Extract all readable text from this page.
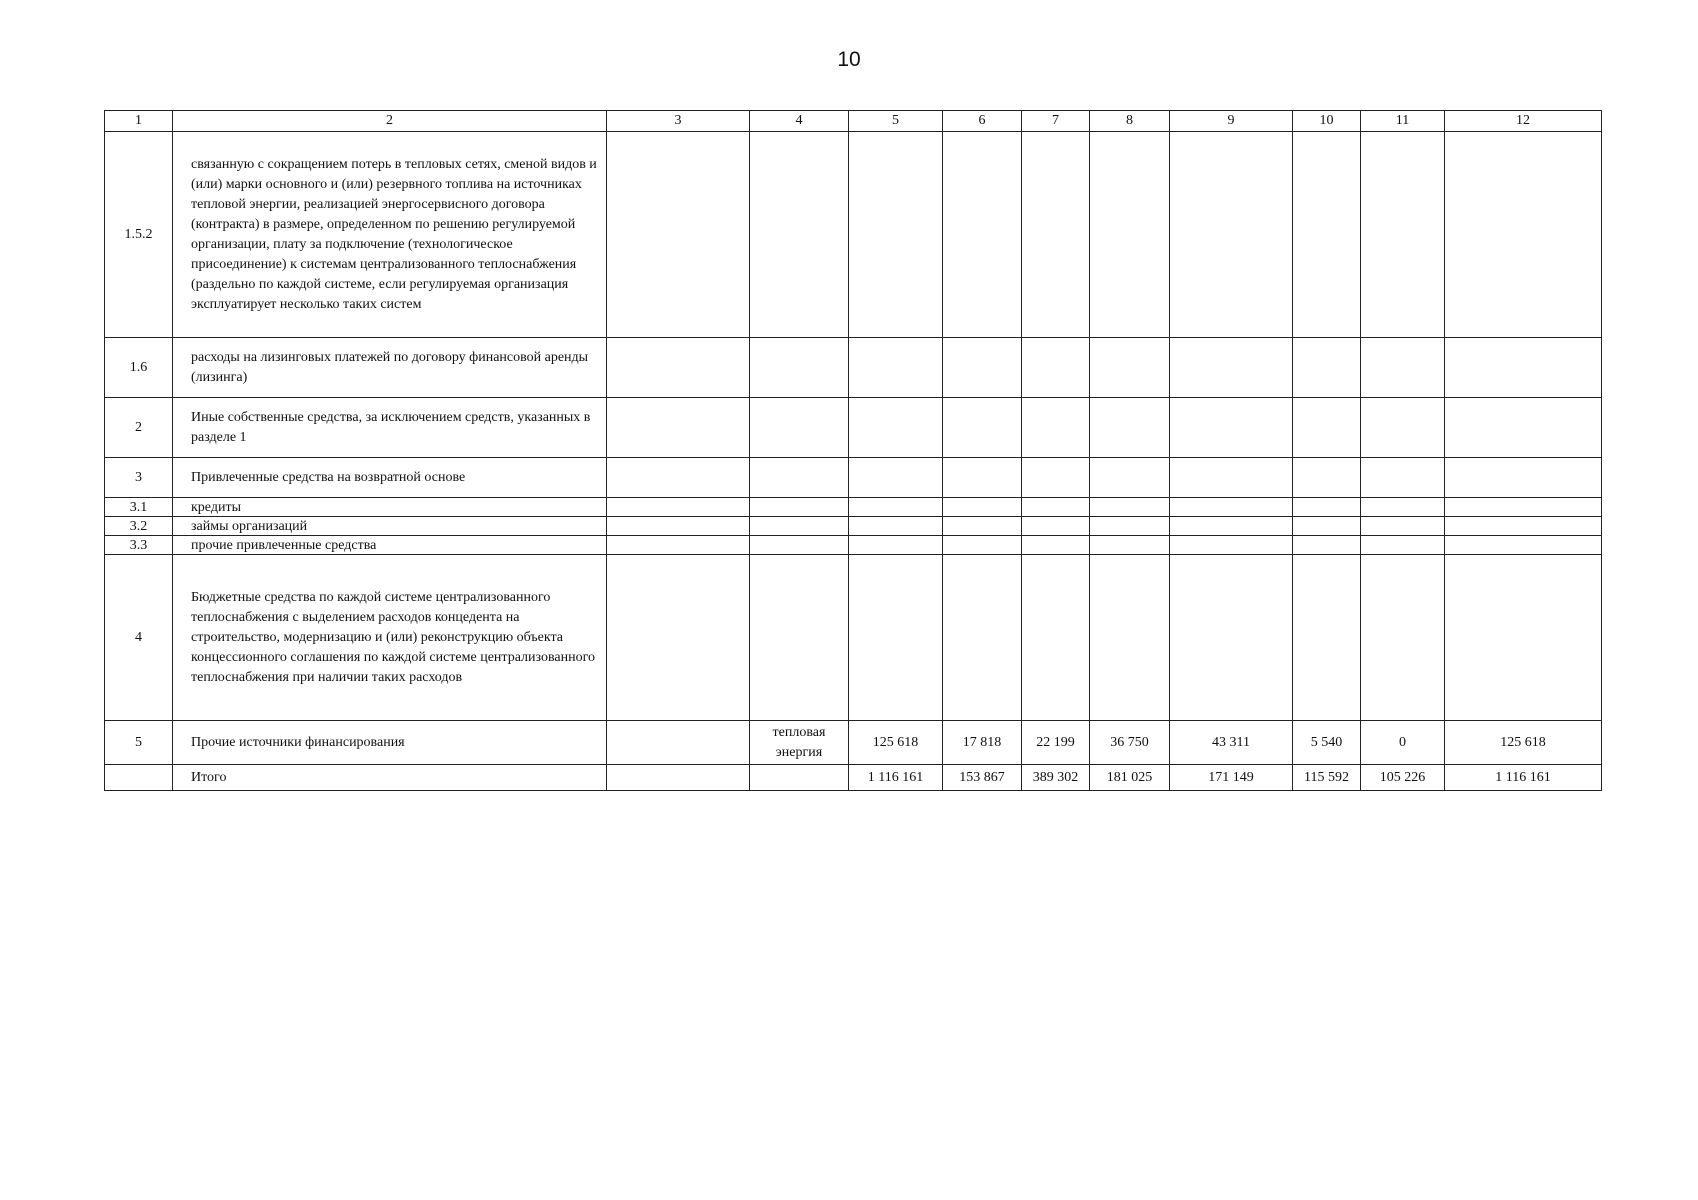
10
1	2	3	4	5	6	7	8	9	10	11	12
1.5.2	связанную с сокращением потерь в тепловых сетях, сменой видов и (или) марки основного и (или) резервного топлива на источниках тепловой энергии, реализацией энергосервисного договора (контракта) в размере, определенном по решению регулируемой организации, плату за подключение (технологическое присоединение) к системам централизованного теплоснабжения (раздельно по каждой системе, если регулируемая организация эксплуатирует несколько таких систем										
1.6	расходы на лизинговых платежей по договору финансовой аренды (лизинга)										
2	Иные собственные средства, за исключением средств, указанных в разделе 1										
3	Привлеченные средства на возвратной основе										
3.1	кредиты										
3.2	займы организаций										
3.3	прочие привлеченные средства										
4	Бюджетные средства по каждой системе централизованного теплоснабжения с выделением расходов концедента на строительство, модернизацию и (или) реконструкцию объекта концессионного соглашения по каждой системе централизованного теплоснабжения при наличии таких расходов										
5	Прочие источники финансирования		тепловая энергия	125 618	17 818	22 199	36 750	43 311	5 540	0	125 618
	Итого			1 116 161	153 867	389 302	181 025	171 149	115 592	105 226	1 116 161
